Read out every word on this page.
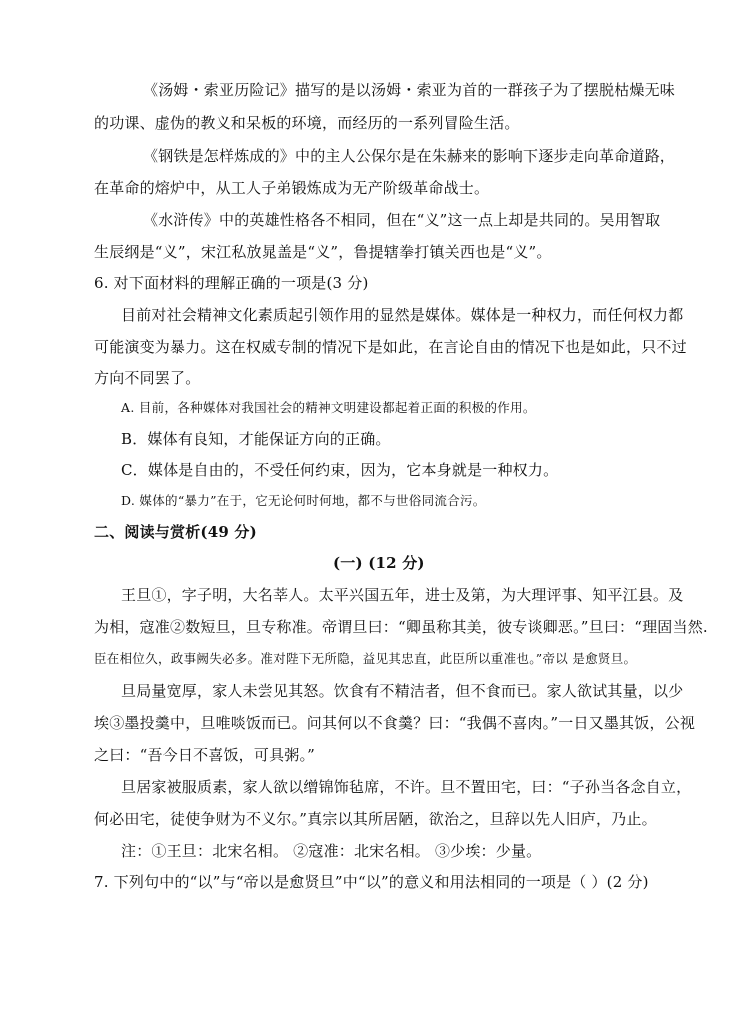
《汤姆・索亚历险记》描写的是以汤姆・索亚为首的一群孩子为了摆脱枯燥无味

的功课、虚伪的教义和呆板的环境，而经历的一系列冒险生活。

《钢铁是怎样炼成的》中的主人公保尔是在朱赫来的影响下逐步走向革命道路，

在革命的熔炉中，从工人子弟锻炼成为无产阶级革命战士。

《水浒传》中的英雄性格各不相同，但在“义”这一点上却是共同的。吴用智取

生辰纲是“义”，宋江私放晁盖是“义”，鲁提辖拳打镇关西也是“义”。

6. 对下面材料的理解正确的一项是(3 分)

目前对社会精神文化素质起引领作用的显然是媒体。媒体是一种权力，而任何权力都

可能演变为暴力。这在权威专制的情况下是如此，在言论自由的情况下也是如此，只不过

方向不同罢了。

A. 目前，各种媒体对我国社会的精神文明建设都起着正面的积极的作用。

B．媒体有良知，才能保证方向的正确。

C．媒体是自由的，不受任何约束，因为，它本身就是一种权力。

D. 媒体的“暴力”在于，它无论何时何地，都不与世俗同流合污。

二、阅读与赏析(49 分)

(一) (12 分)

王旦①，字子明，大名莘人。太平兴国五年，进士及第，为大理评事、知平江县。及

为相，寇准②数短旦，旦专称准。帝谓旦曰：“卿虽称其美，彼专谈卿恶。”旦曰：“理固当然.

臣在相位久，政事阙失必多。准对陛下无所隐，益见其忠直，此臣所以重准也。”帝以 是愈贤旦。

旦局量宽厚，家人未尝见其怒。饮食有不精洁者，但不食而已。家人欲试其量，以少

埃③墨投羹中，旦唯啖饭而已。问其何以不食羹？曰：“我偶不喜肉。”一日又墨其饭，公视

之曰：“吾今日不喜饭，可具粥。”

旦居家被服质素，家人欲以缯锦饰毡席，不许。旦不置田宅，曰：“子孙当各念自立，

何必田宅，徒使争财为不义尔。”真宗以其所居陋，欲治之，旦辞以先人旧庐，乃止。

注：①王旦：北宋名相。 ②寇准：北宋名相。 ③少埃：少量。

7. 下列句中的“以”与“帝以是愈贤旦”中“以”的意义和用法相同的一项是（ ）(2 分)
